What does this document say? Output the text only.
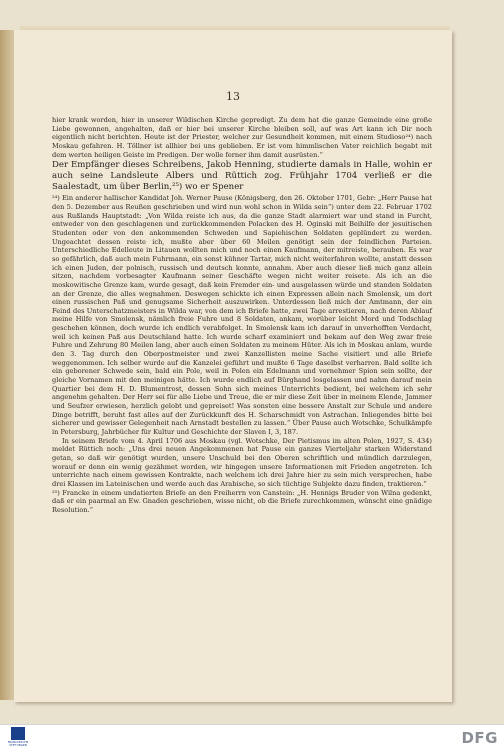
13

hier krank worden, hier in unserer Wildischen Kirche gepredigt. Zu dem hat die ganze Gemeinde eine große Liebe gewonnen, angehalten, daß er hier bei unserer Kirche bleiben soll, auf was Art kann ich Dir noch eigentlich nicht berichten. Heute ist der Priester, welcher zur Gesundheit kommen, mit einem Studioso²⁴) nach Moskau gefahren. H. Töllner ist allhier bei uns geblieben. Er ist vom himmlischen Vater reichlich begabt mit dem werten heiligen Geiste im Predigen. Der wolle ferner ihm damit ausrüsten.“

Der Empfänger dieses Schreibens, Jakob Henning, studierte damals in Halle, wohin er auch seine Landsleute Albers und Rüttich zog. Frühjahr 1704 verließ er die Saalestadt, um über Berlin,²⁵) wo er Spener

²⁴) Ein anderer hallischer Kandidat Joh. Werner Pause (Königsberg, den 26. Oktober 1701, Gebr: „Herr Pause hat den 5. Dezember aus Reußen geschrieben und wird nun wohl schon in Wilda sein“) unter dem 22. Februar 1702 aus Rußlands Hauptstadt: „Von Wilda reiste ich aus, da die ganze Stadt alarmiert war und stand in Furcht, entweder von den geschlagenen und zurückkommenden Polacken des H. Oginski mit Beihilfe der jesuitischen Studenten oder von den ankommenden Schweden und Sapiehischen Soldaten geplündert zu werden. Ungeachtet dessen reiste ich, mußte aber über 60 Meilen genötigt sein der feindlichen Parteien. Unterschiedliche Edelleute in Litauen wollten mich und noch einen Kaufmann, der mitreiste, berauben. Es war so gefährlich, daß auch mein Fuhrmann, ein sonst kühner Tartar, mich nicht weiterfahren wollte, anstatt dessen ich einen Juden, der polnisch, russisch und deutsch konnte, annahm. Aber auch dieser ließ mich ganz allein sitzen, nachdem vorbesagter Kaufmann seiner Geschäfte wegen nicht weiter reisete. Als ich an die moskowitische Grenze kam, wurde gesagt, daß kein Fremder ein- und ausgelassen würde und standen Soldaten an der Grenze, die alles wegnahmen. Deswegen schickte ich einen Expressen allein nach Smolensk, um dort einen russischen Paß und genugsame Sicherheit auszuwirken. Unterdessen ließ mich der Amtmann, der ein Feind des Unterschatzmeisters in Wilda war, von dem ich Briefe hatte, zwei Tage arrestieren, nach deren Ablauf meine Hilfe von Smolensk, nämlich freie Fuhre und 8 Soldaten, ankam, worüber leicht Mord und Todschlag geschehen können, doch wurde ich endlich verabfolget. In Smolensk kam ich darauf in unverhofften Verdacht, weil ich keinen Paß aus Deutschland hatte. Ich wurde scharf examiniert und bekam auf den Weg zwar freie Fuhre und Zehrung 80 Meilen lang, aber auch einen Soldaten zu meinem Hüter. Als ich in Moskau anlam, wurde den 3. Tag durch den Oberpostmeister und zwei Kanzellisten meine Sache visitiert und alle Briefe weggenommen. Ich selber wurde auf die Kanzelei geführt und mußte 6 Tage daselbst verharren. Bald sollte ich ein geborener Schwede sein, bald ein Pole, weil in Polen ein Edelmann und vornehmer Spion sein sollte, der gleiche Vornamen mit den meinigen hätte. Ich wurde endlich auf Bürghand losgelassen und nahm darauf mein Quartier bei dem H. D. Blumentrost, dessen Sohn sich meines Unterrichts bedient, bei welchem ich sehr angenehm gehalten. Der Herr sei für alle Liebe und Treue, die er mir diese Zeit über in meinem Elende, Jammer und Seufzer erwiesen, herzlich gelobt und gepreiset! Was sonsten eine bessere Anstalt zur Schule und andere Dinge betrifft, beruht fast alles auf der Zurückkunft des H. Scharschmidt von Astrachan. Inliegendes bitte bei sicherer und gewisser Gelegenheit nach Arnstadt bestellen zu lassen.“ Über Pause auch Wotschke, Schulkämpfe in Petersburg, Jahrbücher für Kultur und Geschichte der Slaven I, 3, 187.

In seinem Briefe vom 4. April 1706 aus Moskau (vgl. Wotschke, Der Pietismus im alten Polen, 1927, S. 434) meldet Rüttich noch: „Uns drei neuen Angekommenen hat Pause ein ganzes Vierteljahr starken Widerstand getan, so daß wir genötigt wurden, unsere Unschuld bei den Oberen schriftlich und mündlich darzulegen, worauf er denn ein wenig gezähmet worden, wir hingegen unsere Informationen mit Frieden angetreten. Ich unterrichte nach einem gewissen Kontrakte, nach welchem ich drei Jahre hier zu sein mich versprechen, habe drei Klassen im Lateinischen und werde auch das Arabische, so sich tüchtige Subjekte dazu finden, traktieren.“

²⁵) Francke in einem undatierten Briefe an den Freiherrn von Canstein: „H. Hennigs Bruder von Wilna gedenkt, daß er ein paarmal an Ew. Gnaden geschrieben, wisse nicht, ob die Briefe zurechkommen, wünscht eine gnädige Resolution.“

FRANCKESCHE STIFTUNGEN	DFG
